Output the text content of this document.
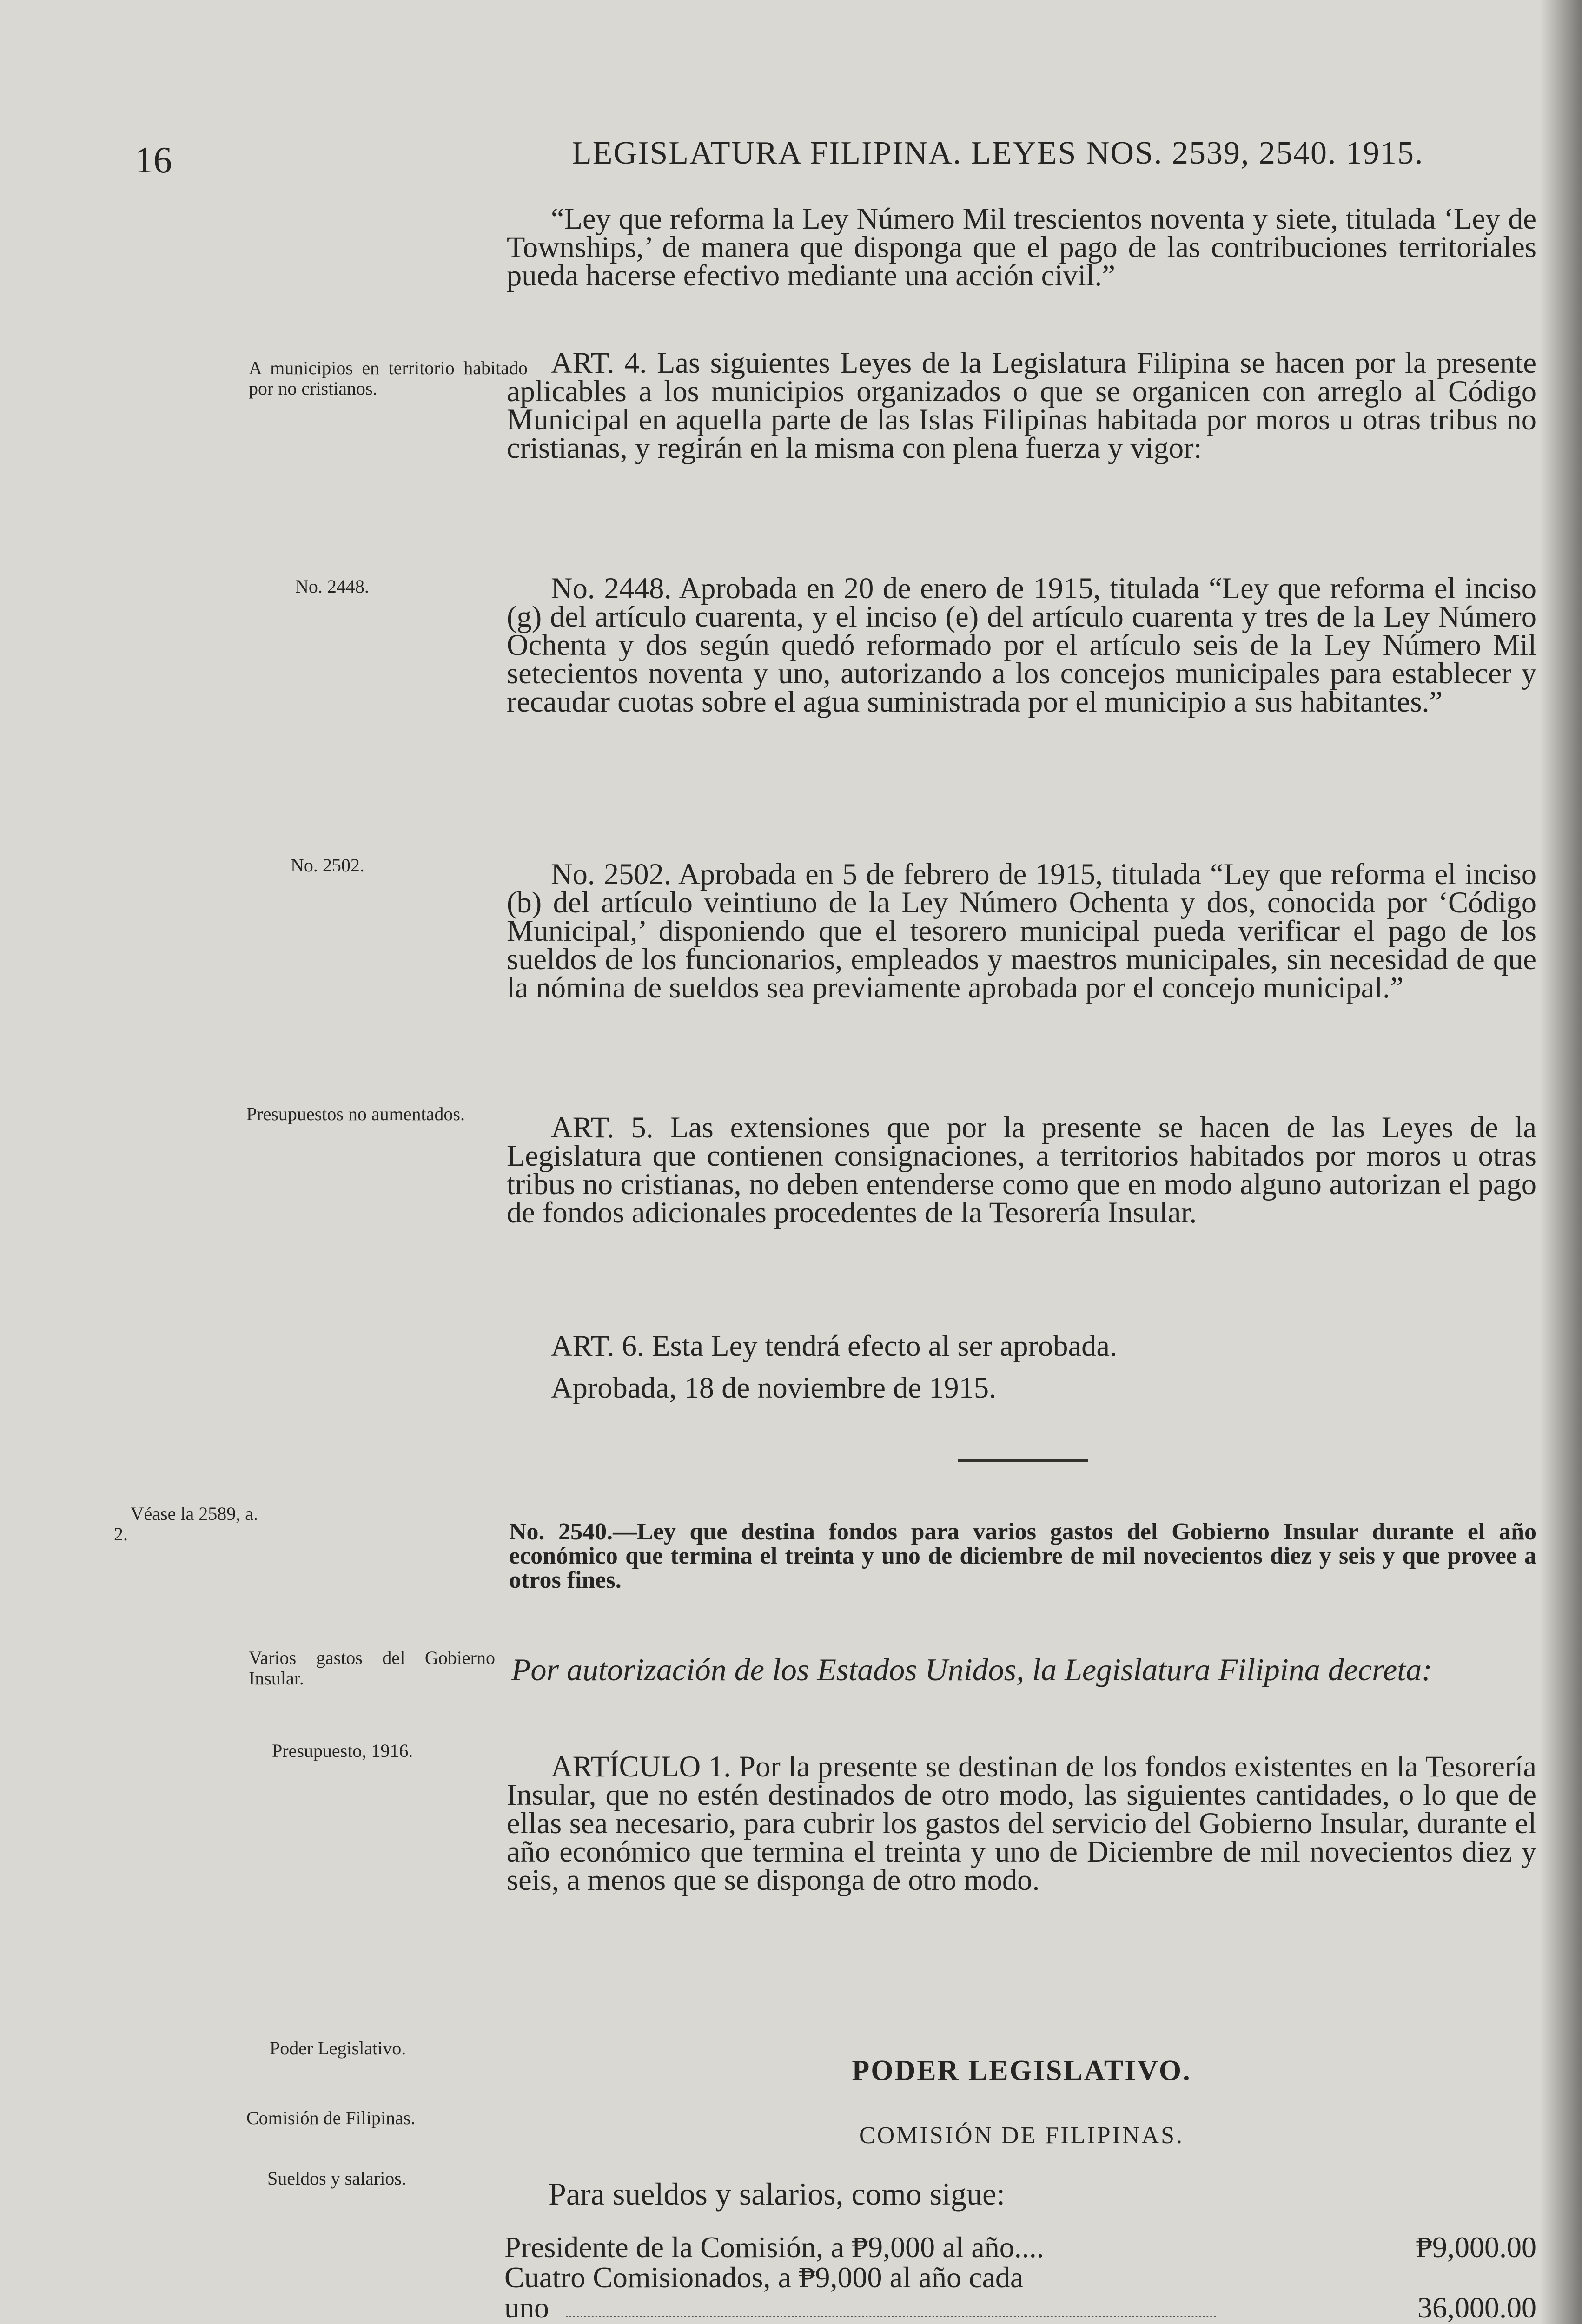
16	LEGISLATURA FILIPINA. LEYES NOS. 2539, 2540. 1915.

“Ley que reforma la Ley Número Mil trescientos noventa y siete, titulada ‘Ley de Townships,’ de manera que disponga que el pago de las contribuciones territoriales pueda hacerse efectivo mediante una acción civil.”

ART. 4. Las siguientes Leyes de la Legislatura Filipina se hacen por la presente aplicables a los municipios organizados o que se organicen con arreglo al Código Municipal en aquella parte de las Islas Filipinas habitada por moros u otras tribus no cristianas, y regirán en la misma con plena fuerza y vigor:

No. 2448. Aprobada en 20 de enero de 1915, titulada “Ley que reforma el inciso (g) del artículo cuarenta, y el inciso (e) del artículo cuarenta y tres de la Ley Número Ochenta y dos según quedó reformado por el artículo seis de la Ley Número Mil setecientos noventa y uno, autorizando a los concejos municipales para establecer y recaudar cuotas sobre el agua suministrada por el municipio a sus habitantes.”

No. 2502. Aprobada en 5 de febrero de 1915, titulada “Ley que reforma el inciso (b) del artículo veintiuno de la Ley Número Ochenta y dos, conocida por ‘Código Municipal,’ disponiendo que el tesorero municipal pueda verificar el pago de los sueldos de los funcionarios, empleados y maestros municipales, sin necesidad de que la nómina de sueldos sea previamente aprobada por el concejo municipal.”

ART. 5. Las extensiones que por la presente se hacen de las Leyes de la Legislatura que contienen consignaciones, a territorios habitados por moros u otras tribus no cristianas, no deben entenderse como que en modo alguno autorizan el pago de fondos adicionales procedentes de la Tesorería Insular.

ART. 6. Esta Ley tendrá efecto al ser aprobada.

Aprobada, 18 de noviembre de 1915.

No. 2540.—Ley que destina fondos para varios gastos del Gobierno Insular durante el año económico que termina el treinta y uno de diciembre de mil novecientos diez y seis y que provee a otros fines.

Por autorización de los Estados Unidos, la Legislatura Filipina decreta:

ARTÍCULO 1. Por la presente se destinan de los fondos existentes en la Tesorería Insular, que no estén destinados de otro modo, las siguientes cantidades, o lo que de ellas sea necesario, para cubrir los gastos del servicio del Gobierno Insular, durante el año económico que termina el treinta y uno de Diciembre de mil novecientos diez y seis, a menos que se disponga de otro modo.

PODER LEGISLATIVO.
COMISIÓN DE FILIPINAS.

Para sueldos y salarios, como sigue:

Presidente de la Comisión, a ₱9,000 al año....	₱9,000.00
Cuatro Comisionados, a ₱9,000 al año cada
uno	36,000.00
A municipios en territorio habitado por no cristianos.
No. 2448.
No. 2502.
Presupuestos no aumentados.
Véase la 2589, a. 2.
Varios gastos del Gobierno Insular.
Presupuesto, 1916.
Poder Legislativo.
Comisión de Filipinas.
Sueldos y salarios.
